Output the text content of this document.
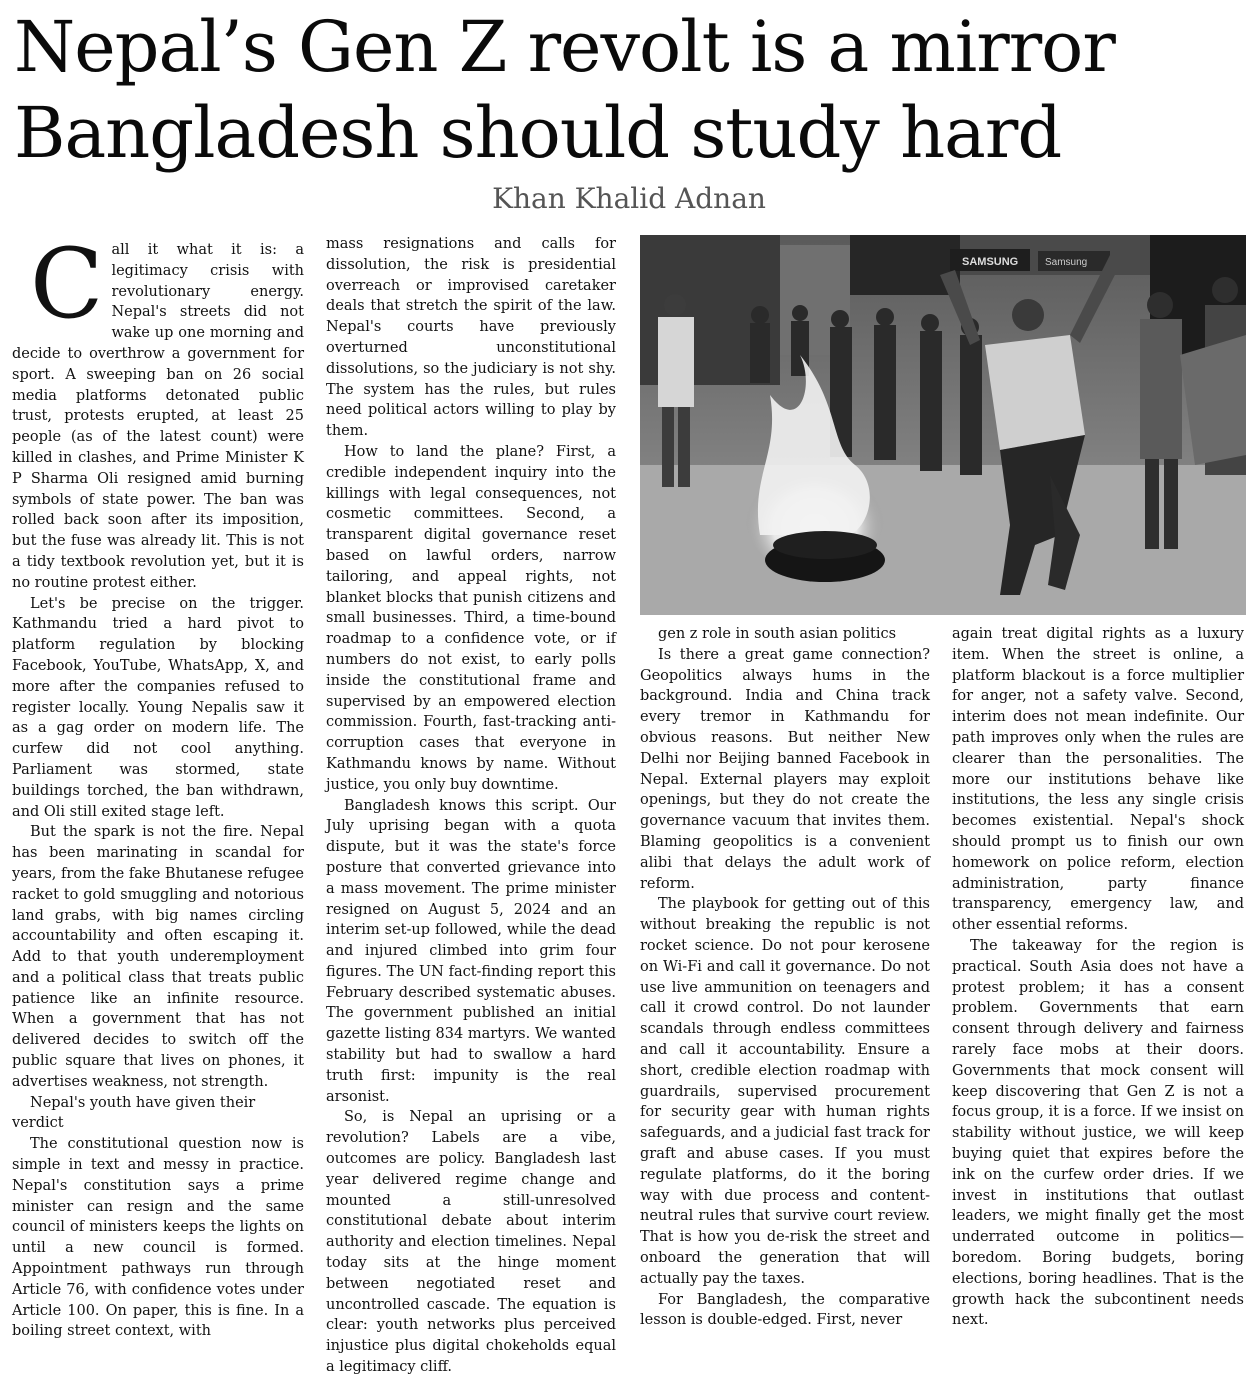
Nepal’s Gen Z revolt is a mirror
Bangladesh should study hard
Khan Khalid Adnan

Call it what it is: a legitimacy crisis with revolutionary energy. Nepal's streets did not wake up one morning and decide to overthrow a government for sport. A sweeping ban on 26 social media platforms detonated public trust, protests erupted, at least 25 people (as of the latest count) were killed in clashes, and Prime Minister K P Sharma Oli resigned amid burning symbols of state power. The ban was rolled back soon after its imposition, but the fuse was already lit. This is not a tidy textbook revolution yet, but it is no routine protest either.

Let's be precise on the trigger. Kathmandu tried a hard pivot to platform regulation by blocking Facebook, YouTube, WhatsApp, X, and more after the companies refused to register locally. Young Nepalis saw it as a gag order on modern life. The curfew did not cool anything. Parliament was stormed, state buildings torched, the ban withdrawn, and Oli still exited stage left.

But the spark is not the fire. Nepal has been marinating in scandal for years, from the fake Bhutanese refugee racket to gold smuggling and notorious land grabs, with big names circling accountability and often escaping it. Add to that youth underemployment and a political class that treats public patience like an infinite resource. When a government that has not delivered decides to switch off the public square that lives on phones, it advertises weakness, not strength.

Nepal's youth have given their verdict

The constitutional question now is simple in text and messy in practice. Nepal's constitution says a prime minister can resign and the same council of ministers keeps the lights on until a new council is formed. Appointment pathways run through Article 76, with confidence votes under Article 100. On paper, this is fine. In a boiling street context, with

mass resignations and calls for dissolution, the risk is presidential overreach or improvised caretaker deals that stretch the spirit of the law. Nepal's courts have previously overturned unconstitutional dissolutions, so the judiciary is not shy. The system has the rules, but rules need political actors willing to play by them.

How to land the plane? First, a credible independent inquiry into the killings with legal consequences, not cosmetic committees. Second, a transparent digital governance reset based on lawful orders, narrow tailoring, and appeal rights, not blanket blocks that punish citizens and small businesses. Third, a time-bound roadmap to a confidence vote, or if numbers do not exist, to early polls inside the constitutional frame and supervised by an empowered election commission. Fourth, fast-tracking anti-corruption cases that everyone in Kathmandu knows by name. Without justice, you only buy downtime.

Bangladesh knows this script. Our July uprising began with a quota dispute, but it was the state's force posture that converted grievance into a mass movement. The prime minister resigned on August 5, 2024 and an interim set-up followed, while the dead and injured climbed into grim four figures. The UN fact-finding report this February described systematic abuses. The government published an initial gazette listing 834 martyrs. We wanted stability but had to swallow a hard truth first: impunity is the real arsonist.

So, is Nepal an uprising or a revolution? Labels are a vibe, outcomes are policy. Bangladesh last year delivered regime change and mounted a still-unresolved constitutional debate about interim authority and election timelines. Nepal today sits at the hinge moment between negotiated reset and uncontrolled cascade. The equation is clear: youth networks plus perceived injustice plus digital chokeholds equal a legitimacy cliff.

SAMSUNG	Samsung

gen z role in south asian politics

Is there a great game connection? Geopolitics always hums in the background. India and China track every tremor in Kathmandu for obvious reasons. But neither New Delhi nor Beijing banned Facebook in Nepal. External players may exploit openings, but they do not create the governance vacuum that invites them. Blaming geopolitics is a convenient alibi that delays the adult work of reform.

The playbook for getting out of this without breaking the republic is not rocket science. Do not pour kerosene on Wi-Fi and call it governance. Do not use live ammunition on teenagers and call it crowd control. Do not launder scandals through endless committees and call it accountability. Ensure a short, credible election roadmap with guardrails, supervised procurement for security gear with human rights safeguards, and a judicial fast track for graft and abuse cases. If you must regulate platforms, do it the boring way with due process and content-neutral rules that survive court review. That is how you de-risk the street and onboard the generation that will actually pay the taxes.

For Bangladesh, the comparative lesson is double-edged. First, never

again treat digital rights as a luxury item. When the street is online, a platform blackout is a force multiplier for anger, not a safety valve. Second, interim does not mean indefinite. Our path improves only when the rules are clearer than the personalities. The more our institutions behave like institutions, the less any single crisis becomes existential. Nepal's shock should prompt us to finish our own homework on police reform, election administration, party finance transparency, emergency law, and other essential reforms.

The takeaway for the region is practical. South Asia does not have a protest problem; it has a consent problem. Governments that earn consent through delivery and fairness rarely face mobs at their doors. Governments that mock consent will keep discovering that Gen Z is not a focus group, it is a force. If we insist on stability without justice, we will keep buying quiet that expires before the ink on the curfew order dries. If we invest in institutions that outlast leaders, we might finally get the most underrated outcome in politics—boredom. Boring budgets, boring elections, boring headlines. That is the growth hack the subcontinent needs next.
